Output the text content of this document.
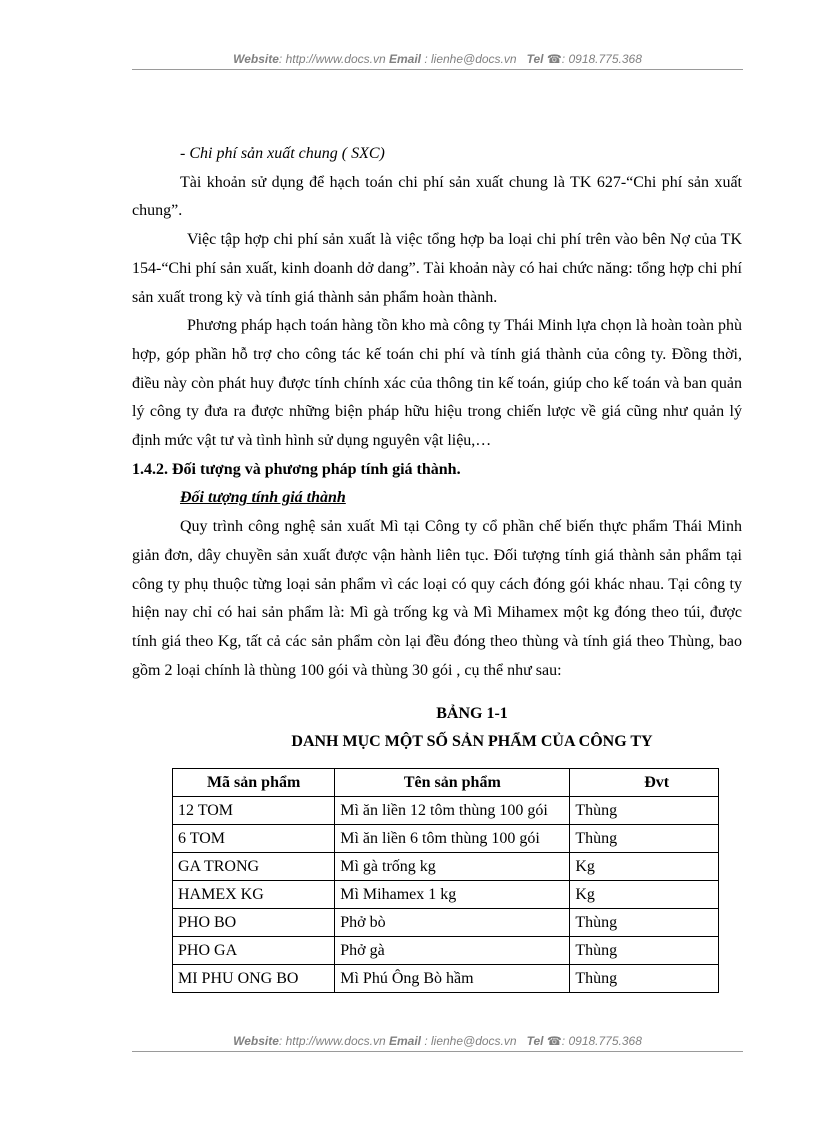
Website: http://www.docs.vn Email : lienhe@docs.vn Tel ☎: 0918.775.368

- Chi phí sản xuất chung ( SXC)

Tài khoản sử dụng để hạch toán chi phí sản xuất chung là TK 627-“Chi phí sản xuất chung”.

Việc tập hợp chi phí sản xuất là việc tổng hợp ba loại chi phí trên vào bên Nợ của TK 154-“Chi phí sản xuất, kinh doanh dở dang”. Tài khoản này có hai chức năng: tổng hợp chi phí sản xuất trong kỳ và tính giá thành sản phẩm hoàn thành.

Phương pháp hạch toán hàng tồn kho mà công ty Thái Minh lựa chọn là hoàn toàn phù hợp, góp phần hỗ trợ cho công tác kế toán chi phí và tính giá thành của công ty. Đồng thời, điều này còn phát huy được tính chính xác của thông tin kế toán, giúp cho kế toán và ban quản lý công ty đưa ra được những biện pháp hữu hiệu trong chiến lược về giá cũng như quản lý định mức vật tư và tình hình sử dụng nguyên vật liệu,…

1.4.2. Đối tượng và phương pháp tính giá thành.

Đối tượng tính giá thành

Quy trình công nghệ sản xuất Mì tại Công ty cổ phần chế biến thực phẩm Thái Minh giản đơn, dây chuyền sản xuất được vận hành liên tục. Đối tượng tính giá thành sản phẩm tại công ty phụ thuộc từng loại sản phẩm vì các loại có quy cách đóng gói khác nhau. Tại công ty hiện nay chỉ có hai sản phẩm là: Mì gà trống kg và Mì Mihamex một kg đóng theo túi, được tính giá theo Kg, tất cả các sản phẩm còn lại đều đóng theo thùng và tính giá theo Thùng, bao gồm 2 loại chính là thùng 100 gói và thùng 30 gói , cụ thể như sau:

BẢNG 1-1
DANH MỤC MỘT SỐ SẢN PHẨM CỦA CÔNG TY
Mã sản phẩm	Tên sản phẩm	Đvt
12 TOM	Mì ăn liền 12 tôm thùng 100 gói	Thùng
6 TOM	Mì ăn liền 6 tôm thùng 100 gói	Thùng
GA TRONG	Mì gà trống kg	Kg
HAMEX KG	Mì Mihamex 1 kg	Kg
PHO BO	Phở bò	Thùng
PHO GA	Phở gà	Thùng
MI PHU ONG BO	Mì Phú Ông Bò hầm	Thùng
Website: http://www.docs.vn Email : lienhe@docs.vn Tel ☎: 0918.775.368
